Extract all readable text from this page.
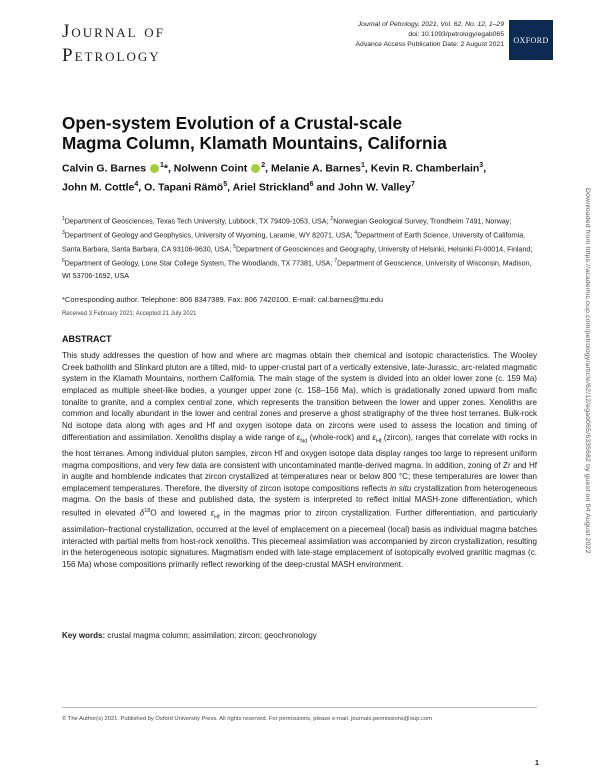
Journal of
Petrology
Journal of Petrology, 2021, Vol. 62, No. 12, 1–29
doi: 10.1093/petrology/egab065
Advance Access Publication Date: 2 August 2021 OXFORD
Open-system Evolution of a Crustal-scale Magma Column, Klamath Mountains, California
Calvin G. Barnes $^1$*, Nolwenn Coint $^2$, Melanie A. Barnes$^1$, Kevin R. Chamberlain$^3$, John M. Cottle$^4$, O. Tapani Rämö$^5$, Ariel Strickland$^6$ and John W. Valley$^7$
$^1$Department of Geosciences, Texas Tech University, Lubbock, TX 79409-1053, USA; $^2$Norwegian Geological Survey, Trondheim 7491, Norway; $^3$Department of Geology and Geophysics, University of Wyoming, Laramie, WY 82071, USA; $^4$Department of Earth Science, University of California, Santa Barbara, Santa Barbara, CA 93106-9630, USA; $^5$Department of Geosciences and Geography, University of Helsinki, Helsinki FI-00014, Finland; $^6$Department of Geology, Lone Star College System, The Woodlands, TX 77381, USA; $^7$Department of Geoscience, University of Wisconsin, Madison, WI 53706-1692, USA
*Corresponding author. Telephone: 806 8347389. Fax: 806 7420100. E-mail: cal.barnes@ttu.edu
Received 3 February 2021; Accepted 21 July 2021
ABSTRACT

This study addresses the question of how and where arc magmas obtain their chemical and isotopic characteristics. The Wooley Creek batholith and Slinkard pluton are a tilted, mid- to upper-crustal part of a vertically extensive, late-Jurassic, arc-related magmatic system in the Klamath Mountains, northern California. The main stage of the system is divided into an older lower zone (c. 159 Ma) emplaced as multiple sheet-like bodies, a younger upper zone (c. 158–156 Ma), which is gradationally zoned upward from mafic tonalite to granite, and a complex central zone, which represents the transition between the lower and upper zones. Xenoliths are common and locally abundant in the lower and central zones and preserve a ghost stratigraphy of the three host terranes. Bulk-rock Nd isotope data along with ages and Hf and oxygen isotope data on zircons were used to assess the location and timing of differentiation and assimilation. Xenoliths display a wide range of $\varepsilon_{Nd}$ (whole-rock) and $\varepsilon_{Hf}$ (zircon), ranges that correlate with rocks in the host terranes. Among individual pluton samples, zircon Hf and oxygen isotope data display ranges too large to represent uniform magma compositions, and very few data are consistent with uncontaminated mantle-derived magma. In addition, zoning of Zr and Hf in augite and hornblende indicates that zircon crystallized at temperatures near or below 800 °C; these temperatures are lower than emplacement temperatures. Therefore, the diversity of zircon isotope compositions reflects in situ crystallization from heterogeneous magma. On the basis of these and published data, the system is interpreted to reflect initial MASH-zone differentiation, which resulted in elevated $\delta^{18}O$ and lowered $\varepsilon_{Hf}$ in the magmas prior to zircon crystallization. Further differentiation, and particularly assimilation–fractional crystallization, occurred at the level of emplacement on a piecemeal (local) basis as individual magma batches interacted with partial melts from host-rock xenoliths. This piecemeal assimilation was accompanied by zircon crystallization, resulting in the heterogeneous isotopic signatures. Magmatism ended with late-stage emplacement of isotopically evolved granitic magmas (c. 156 Ma) whose compositions primarily reflect reworking of the deep-crustal MASH environment.

Key words: crustal magma column; assimilation; zircon; geochronology
© The Author(s) 2021. Published by Oxford University Press. All rights reserved. For permissions, please e-mail: journals.permissions@oup.com
1
Downloaded from https://academic.oup.com/petrology/article/62/12/egab065/6335682 by guest on 04 August 2022
